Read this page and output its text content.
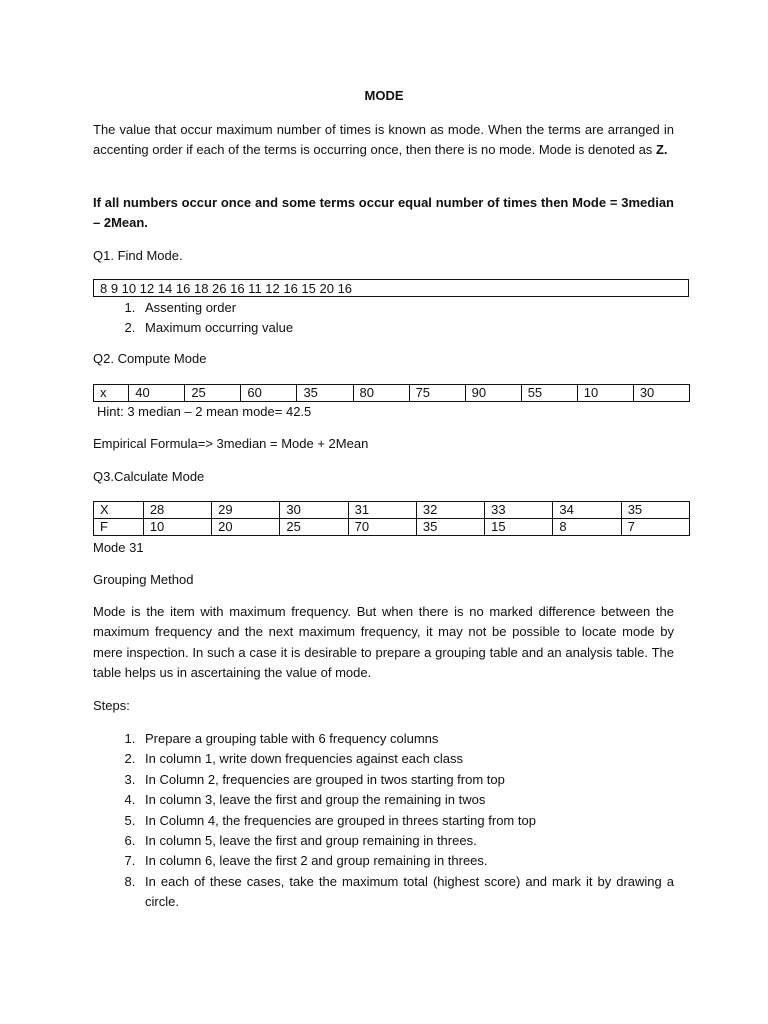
MODE
The value that occur maximum number of times is known as mode. When the terms are arranged in accenting order if each of the terms is occurring once, then there is no mode. Mode is denoted as Z.
If all numbers occur once and some terms occur equal number of times then Mode = 3median – 2Mean.
Q1. Find Mode.
8 9 10 12 14 16 18 26 16 11 12 16 15 20 16
1. Assenting order
2. Maximum occurring value
Q2. Compute Mode
x	40	25	60	35	80	75	90	55	10	30
Hint: 3 median – 2 mean mode= 42.5
Empirical Formula=> 3median = Mode + 2Mean
Q3.Calculate Mode
X	28	29	30	31	32	33	34	35
F	10	20	25	70	35	15	8	7
Mode 31
Grouping Method
Mode is the item with maximum frequency. But when there is no marked difference between the maximum frequency and the next maximum frequency, it may not be possible to locate mode by mere inspection. In such a case it is desirable to prepare a grouping table and an analysis table. The table helps us in ascertaining the value of mode.
Steps:
1. Prepare a grouping table with 6 frequency columns
2. In column 1, write down frequencies against each class
3. In Column 2, frequencies are grouped in twos starting from top
4. In column 3, leave the first and group the remaining in twos
5. In Column 4, the frequencies are grouped in threes starting from top
6. In column 5, leave the first and group remaining in threes.
7. In column 6, leave the first 2 and group remaining in threes.
8. In each of these cases, take the maximum total (highest score) and mark it by drawing a circle.
